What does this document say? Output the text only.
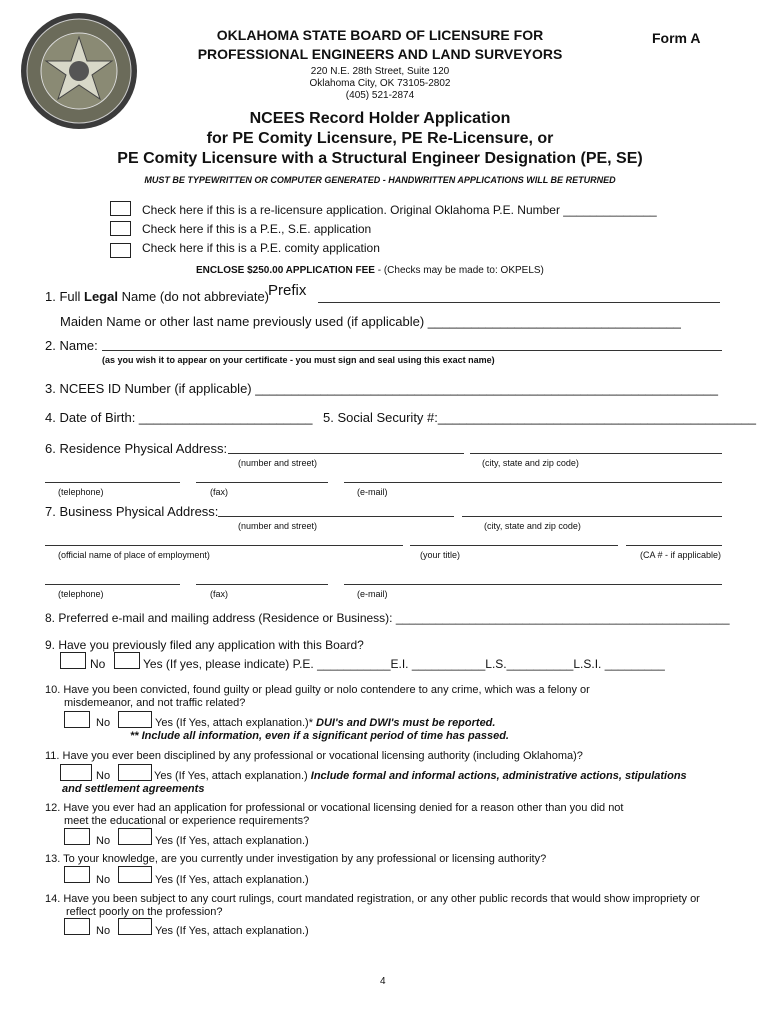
OKLAHOMA STATE BOARD OF LICENSURE FOR
PROFESSIONAL ENGINEERS AND LAND SURVEYORS
Form A
220 N.E. 28th Street, Suite 120
Oklahoma City, OK 73105-2802
(405) 521-2874
NCEES Record Holder Application
for PE Comity Licensure, PE Re-Licensure, or
PE Comity Licensure with a Structural Engineer Designation (PE, SE)
MUST BE TYPEWRITTEN OR COMPUTER GENERATED - HANDWRITTEN APPLICATIONS WILL BE RETURNED
Check here if this is a re-licensure application. Original Oklahoma P.E. Number ______________
Check here if this is a P.E., S.E. application
Check here if this is a P.E. comity application
ENCLOSE $250.00 APPLICATION FEE - (Checks may be made to: OKPELS)
1. Full Legal Name (do not abbreviate)
Prefix
Maiden Name or other last name previously used (if applicable) ___________________________________
2. Name:
(as you wish it to appear on your certificate - you must sign and seal using this exact name)
3. NCEES ID Number (if applicable) ________________________________________________________________
4. Date of Birth: ________________________ 5. Social Security #:____________________________________________
6. Residence Physical Address:
(number and street)	(city, state and zip code)
(telephone)	(fax)	(e-mail)
7. Business Physical Address:
(number and street)	(city, state and zip code)
(official name of place of employment)	(your title)	(CA # - if applicable)
(telephone)	(fax)	(e-mail)
8. Preferred e-mail and mailing address (Residence or Business): __________________________________________________
9. Have you previously filed any application with this Board?
No	Yes (If yes, please indicate) P.E. ___________E.I. ___________L.S.__________L.S.I. _________
10. Have you been convicted, found guilty or plead guilty or nolo contendere to any crime, which was a felony or
misdemeanor, and not traffic related?
No	Yes (If Yes, attach explanation.)* DUI's and DWI's must be reported.
** Include all information, even if a significant period of time has passed.
11. Have you ever been disciplined by any professional or vocational licensing authority (including Oklahoma)?
No	Yes (If Yes, attach explanation.) Include formal and informal actions, administrative actions, stipulations
and settlement agreements
12. Have you ever had an application for professional or vocational licensing denied for a reason other than you did not
meet the educational or experience requirements?
No	Yes (If Yes, attach explanation.)
13. To your knowledge, are you currently under investigation by any professional or licensing authority?
No	Yes (If Yes, attach explanation.)
14. Have you been subject to any court rulings, court mandated registration, or any other public records that would show impropriety or
reflect poorly on the profession?
No	Yes (If Yes, attach explanation.)
4
